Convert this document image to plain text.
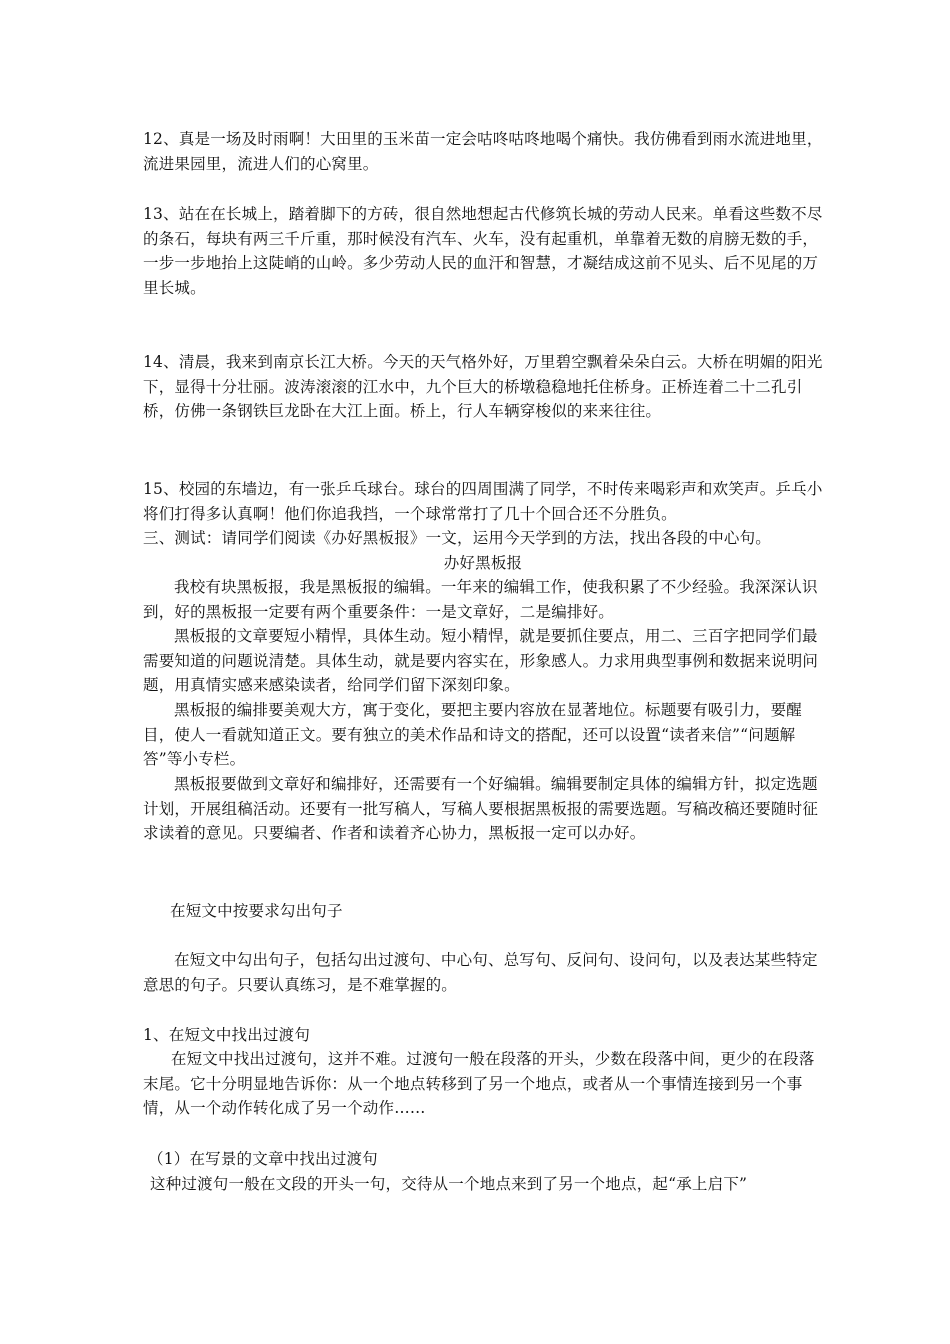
12、真是一场及时雨啊！大田里的玉米苗一定会咕咚咕咚地喝个痛快。我仿佛看到雨水流进地里，流进果园里，流进人们的心窝里。
13、站在在长城上，踏着脚下的方砖，很自然地想起古代修筑长城的劳动人民来。单看这些数不尽的条石，每块有两三千斤重，那时候没有汽车、火车，没有起重机，单靠着无数的肩膀无数的手，一步一步地抬上这陡峭的山岭。多少劳动人民的血汗和智慧，才凝结成这前不见头、后不见尾的万里长城。
14、清晨，我来到南京长江大桥。今天的天气格外好，万里碧空飘着朵朵白云。大桥在明媚的阳光下，显得十分壮丽。波涛滚滚的江水中，九个巨大的桥墩稳稳地托住桥身。正桥连着二十二孔引桥，仿佛一条钢铁巨龙卧在大江上面。桥上，行人车辆穿梭似的来来往往。
15、校园的东墙边，有一张乒乓球台。球台的四周围满了同学，不时传来喝彩声和欢笑声。乒乓小将们打得多认真啊！他们你追我挡，一个球常常打了几十个回合还不分胜负。
三、测试：请同学们阅读《办好黑板报》一文，运用今天学到的方法，找出各段的中心句。
办好黑板报
我校有块黑板报，我是黑板报的编辑。一年来的编辑工作，使我积累了不少经验。我深深认识到，好的黑板报一定要有两个重要条件：一是文章好，二是编排好。
黑板报的文章要短小精悍，具体生动。短小精悍，就是要抓住要点，用二、三百字把同学们最需要知道的问题说清楚。具体生动，就是要内容实在，形象感人。力求用典型事例和数据来说明问题，用真情实感来感染读者，给同学们留下深刻印象。
黑板报的编排要美观大方，寓于变化，要把主要内容放在显著地位。标题要有吸引力，要醒目，使人一看就知道正文。要有独立的美术作品和诗文的搭配，还可以设置“读者来信”“问题解答”等小专栏。
黑板报要做到文章好和编排好，还需要有一个好编辑。编辑要制定具体的编辑方针，拟定选题计划，开展组稿活动。还要有一批写稿人，写稿人要根据黑板报的需要选题。写稿改稿还要随时征求读着的意见。只要编者、作者和读着齐心协力，黑板报一定可以办好。
在短文中按要求勾出句子
在短文中勾出句子，包括勾出过渡句、中心句、总写句、反问句、设问句，以及表达某些特定意思的句子。只要认真练习，是不难掌握的。
1、在短文中找出过渡句
在短文中找出过渡句，这并不难。过渡句一般在段落的开头，少数在段落中间，更少的在段落末尾。它十分明显地告诉你：从一个地点转移到了另一个地点，或者从一个事情连接到另一个事情，从一个动作转化成了另一个动作……
（1）在写景的文章中找出过渡句
这种过渡句一般在文段的开头一句，交待从一个地点来到了另一个地点，起“承上启下”
